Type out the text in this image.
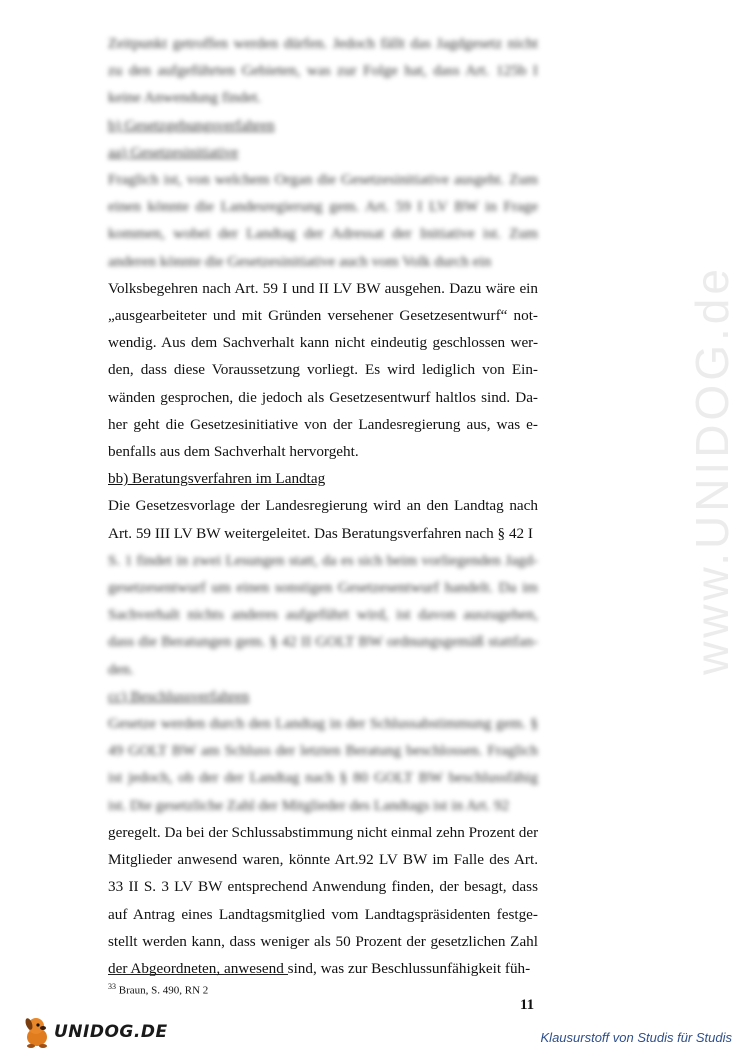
www.UNIDOG.de
Zeitpunkt getroffen werden dürfen. Jedoch fällt das Jagdgesetz nicht
zu den aufgeführten Gebieten, was zur Folge hat, dass Art. 125b I
keine Anwendung findet.
b) Gesetzgebungsverfahren
aa) Gesetzesinitiative
Fraglich ist, von welchem Organ die Gesetzesinitiative ausgeht. Zum
einen könnte die Landesregierung gem. Art. 59 I LV BW in Frage
kommen, wobei der Landtag der Adressat der Initiative ist. Zum
anderen könnte die Gesetzesinitiative auch vom Volk durch ein
Volksbegehren nach Art. 59 I und II LV BW ausgehen. Dazu wäre ein
„ausgearbeiteter und mit Gründen versehener Gesetzesentwurf“ not-
wendig. Aus dem Sachverhalt kann nicht eindeutig geschlossen wer-
den, dass diese Voraussetzung vorliegt. Es wird lediglich von Ein-
wänden gesprochen, die jedoch als Gesetzesentwurf haltlos sind. Da-
her geht die Gesetzesinitiative von der Landesregierung aus, was e-
benfalls aus dem Sachverhalt hervorgeht.
bb) Beratungsverfahren im Landtag
Die Gesetzesvorlage der Landesregierung wird an den Landtag nach
Art. 59 III LV BW weitergeleitet. Das Beratungsverfahren nach § 42 I
S. 1 findet in zwei Lesungen statt, da es sich beim vorliegenden Jagd-
gesetzesentwurf um einen sonstigen Gesetzesentwurf handelt. Da im
Sachverhalt nichts anderes aufgeführt wird, ist davon auszugehen,
dass die Beratungen gem. § 42 II GOLT BW ordnungsgemäß stattfan-
den.
cc) Beschlussverfahren
Gesetze werden durch den Landtag in der Schlussabstimmung gem. §
49 GOLT BW am Schluss der letzten Beratung beschlossen. Fraglich
ist jedoch, ob der der Landtag nach § 80 GOLT BW beschlussfähig
ist. Die gesetzliche Zahl der Mitglieder des Landtags ist in Art. 92
geregelt. Da bei der Schlussabstimmung nicht einmal zehn Prozent der
Mitglieder anwesend waren, könnte Art.92 LV BW im Falle des Art.
33 II S. 3 LV BW entsprechend Anwendung finden, der besagt, dass
auf Antrag eines Landtagsmitglied vom Landtagspräsidenten festge-
stellt werden kann, dass weniger als 50 Prozent der gesetzlichen Zahl
der Abgeordneten, anwesend sind, was zur Beschlussunfähigkeit füh-
$^{33}$ Braun, S. 490, RN 2
11
UNIDOG.DE	Klausurstoff von Studis für Studis
